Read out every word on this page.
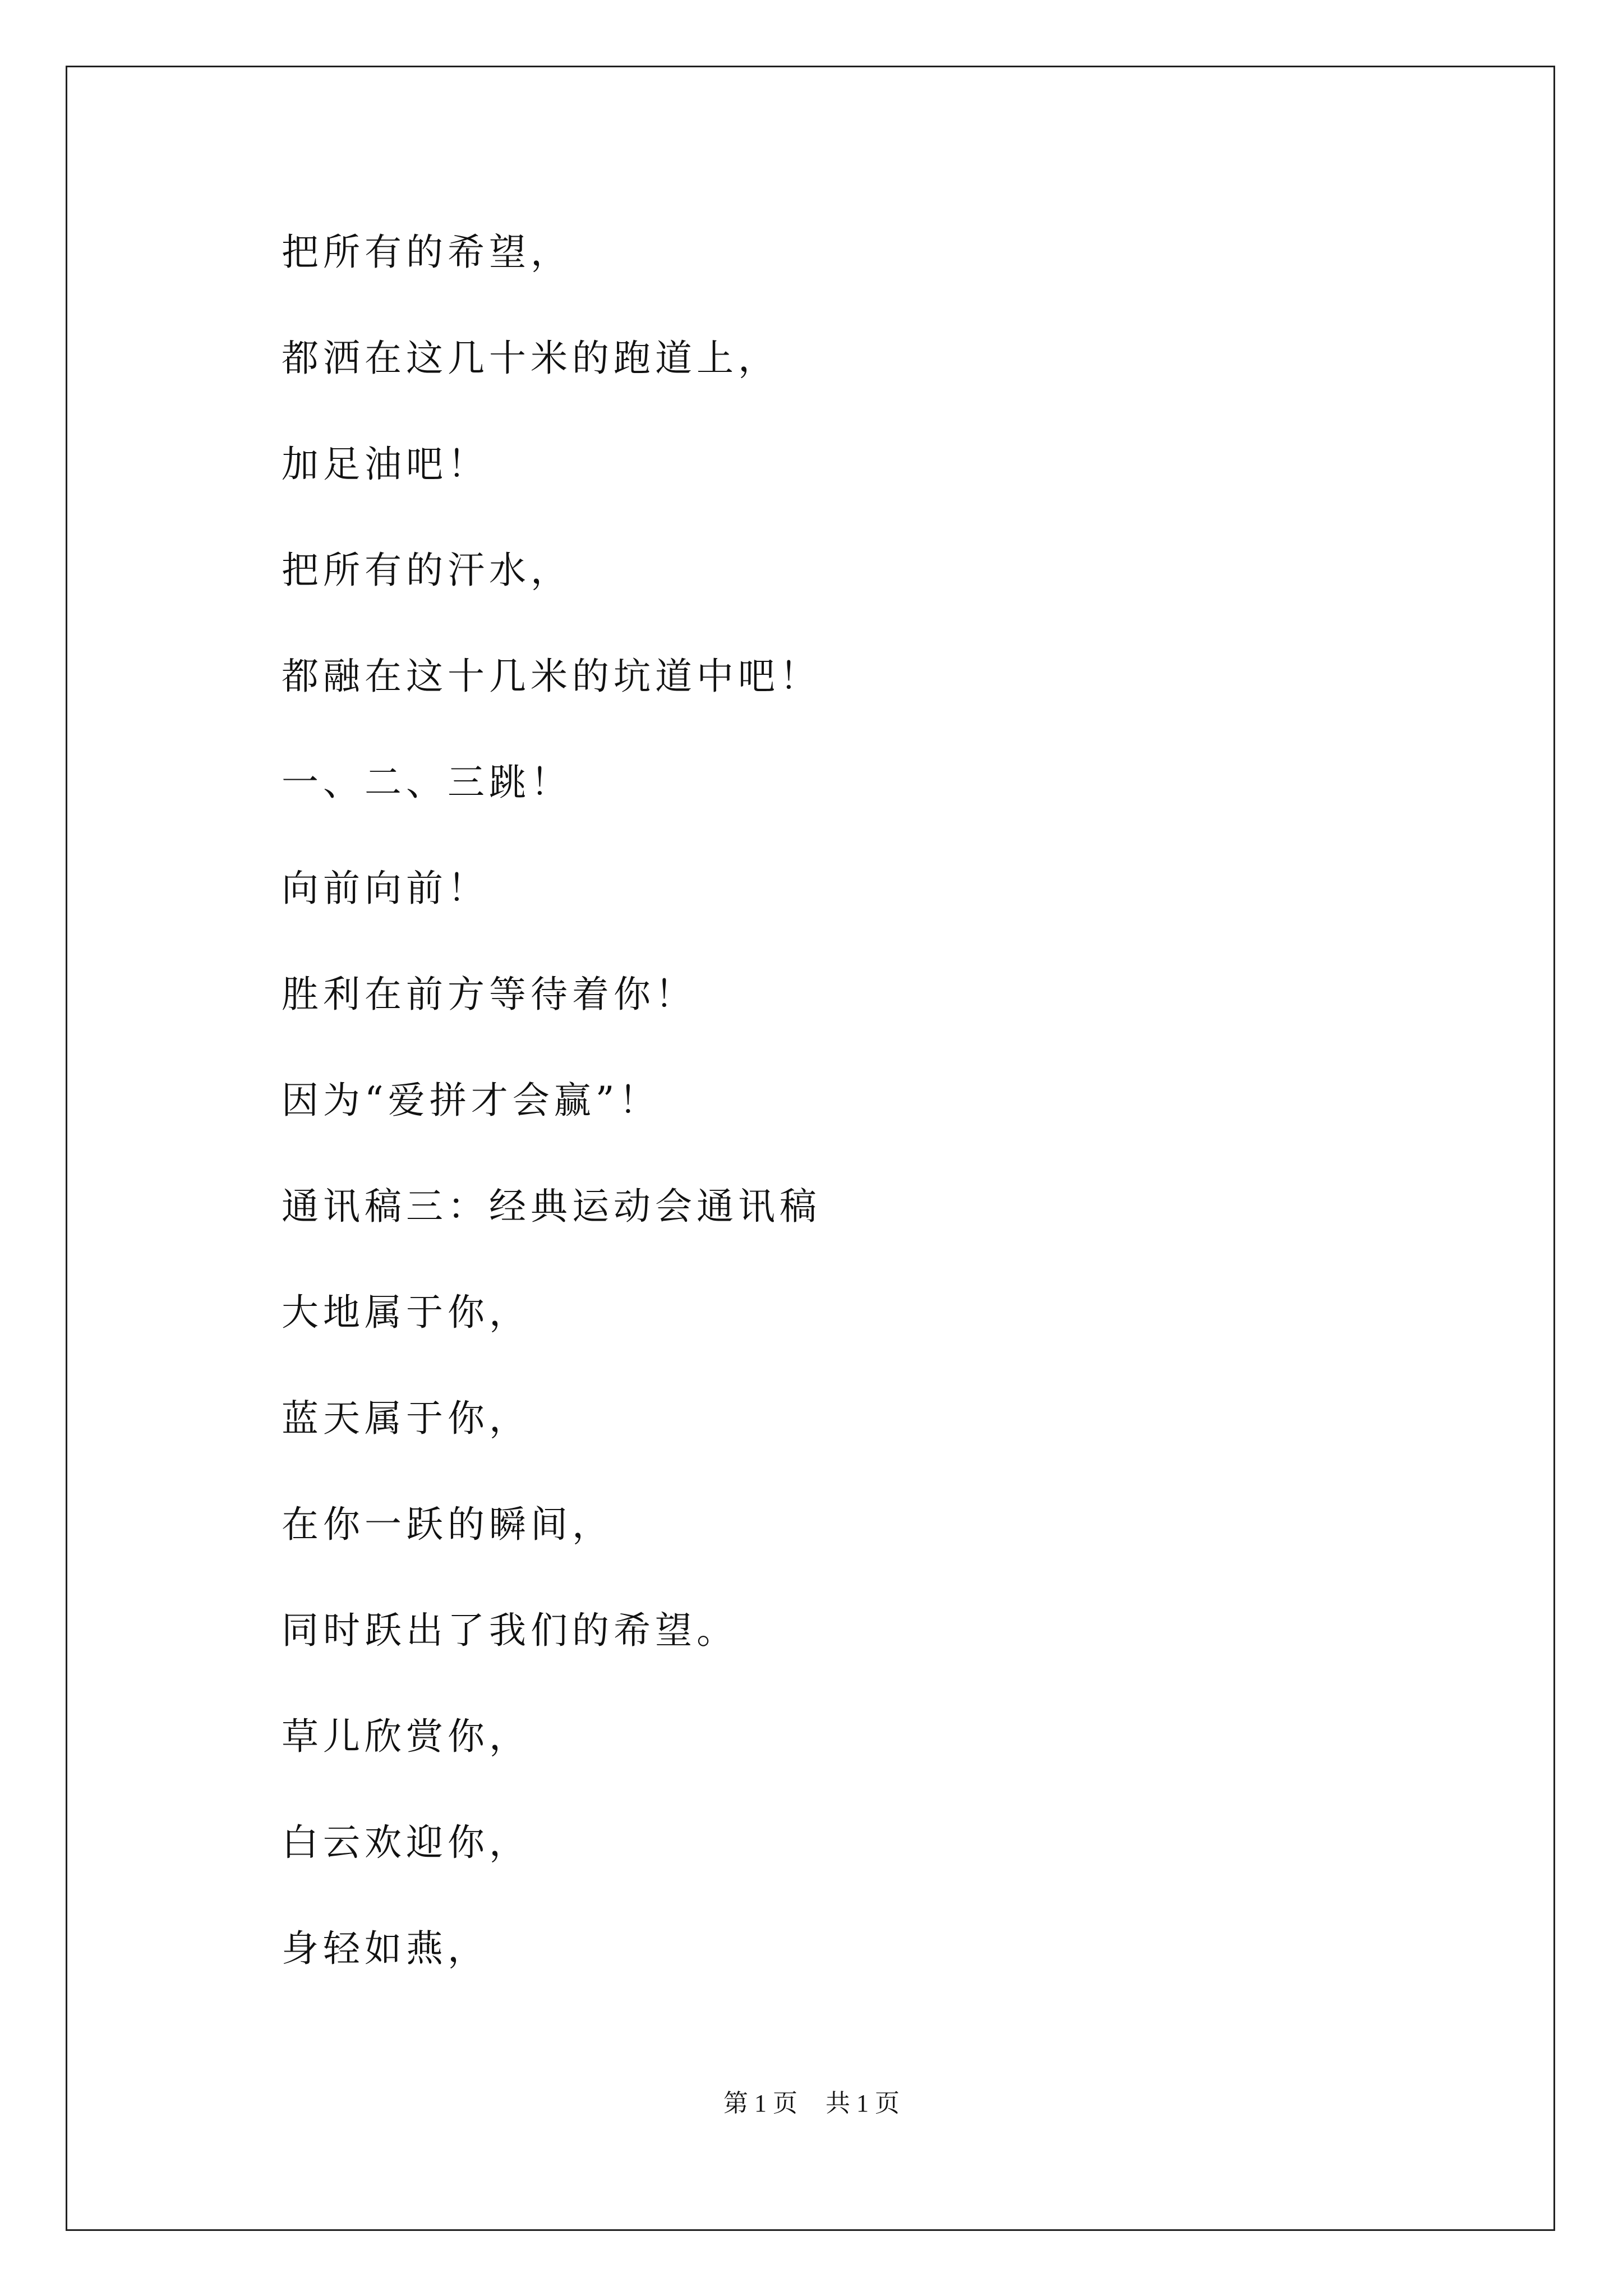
把所有的希望，
都洒在这几十米的跑道上，
加足油吧！
把所有的汗水，
都融在这十几米的坑道中吧！
一、二、三跳！
向前向前！
胜利在前方等待着你！
因为“爱拼才会赢”！
通讯稿三：经典运动会通讯稿
大地属于你，
蓝天属于你，
在你一跃的瞬间，
同时跃出了我们的希望。
草儿欣赏你，
白云欢迎你，
身轻如燕，
第 1 页 共 1 页
